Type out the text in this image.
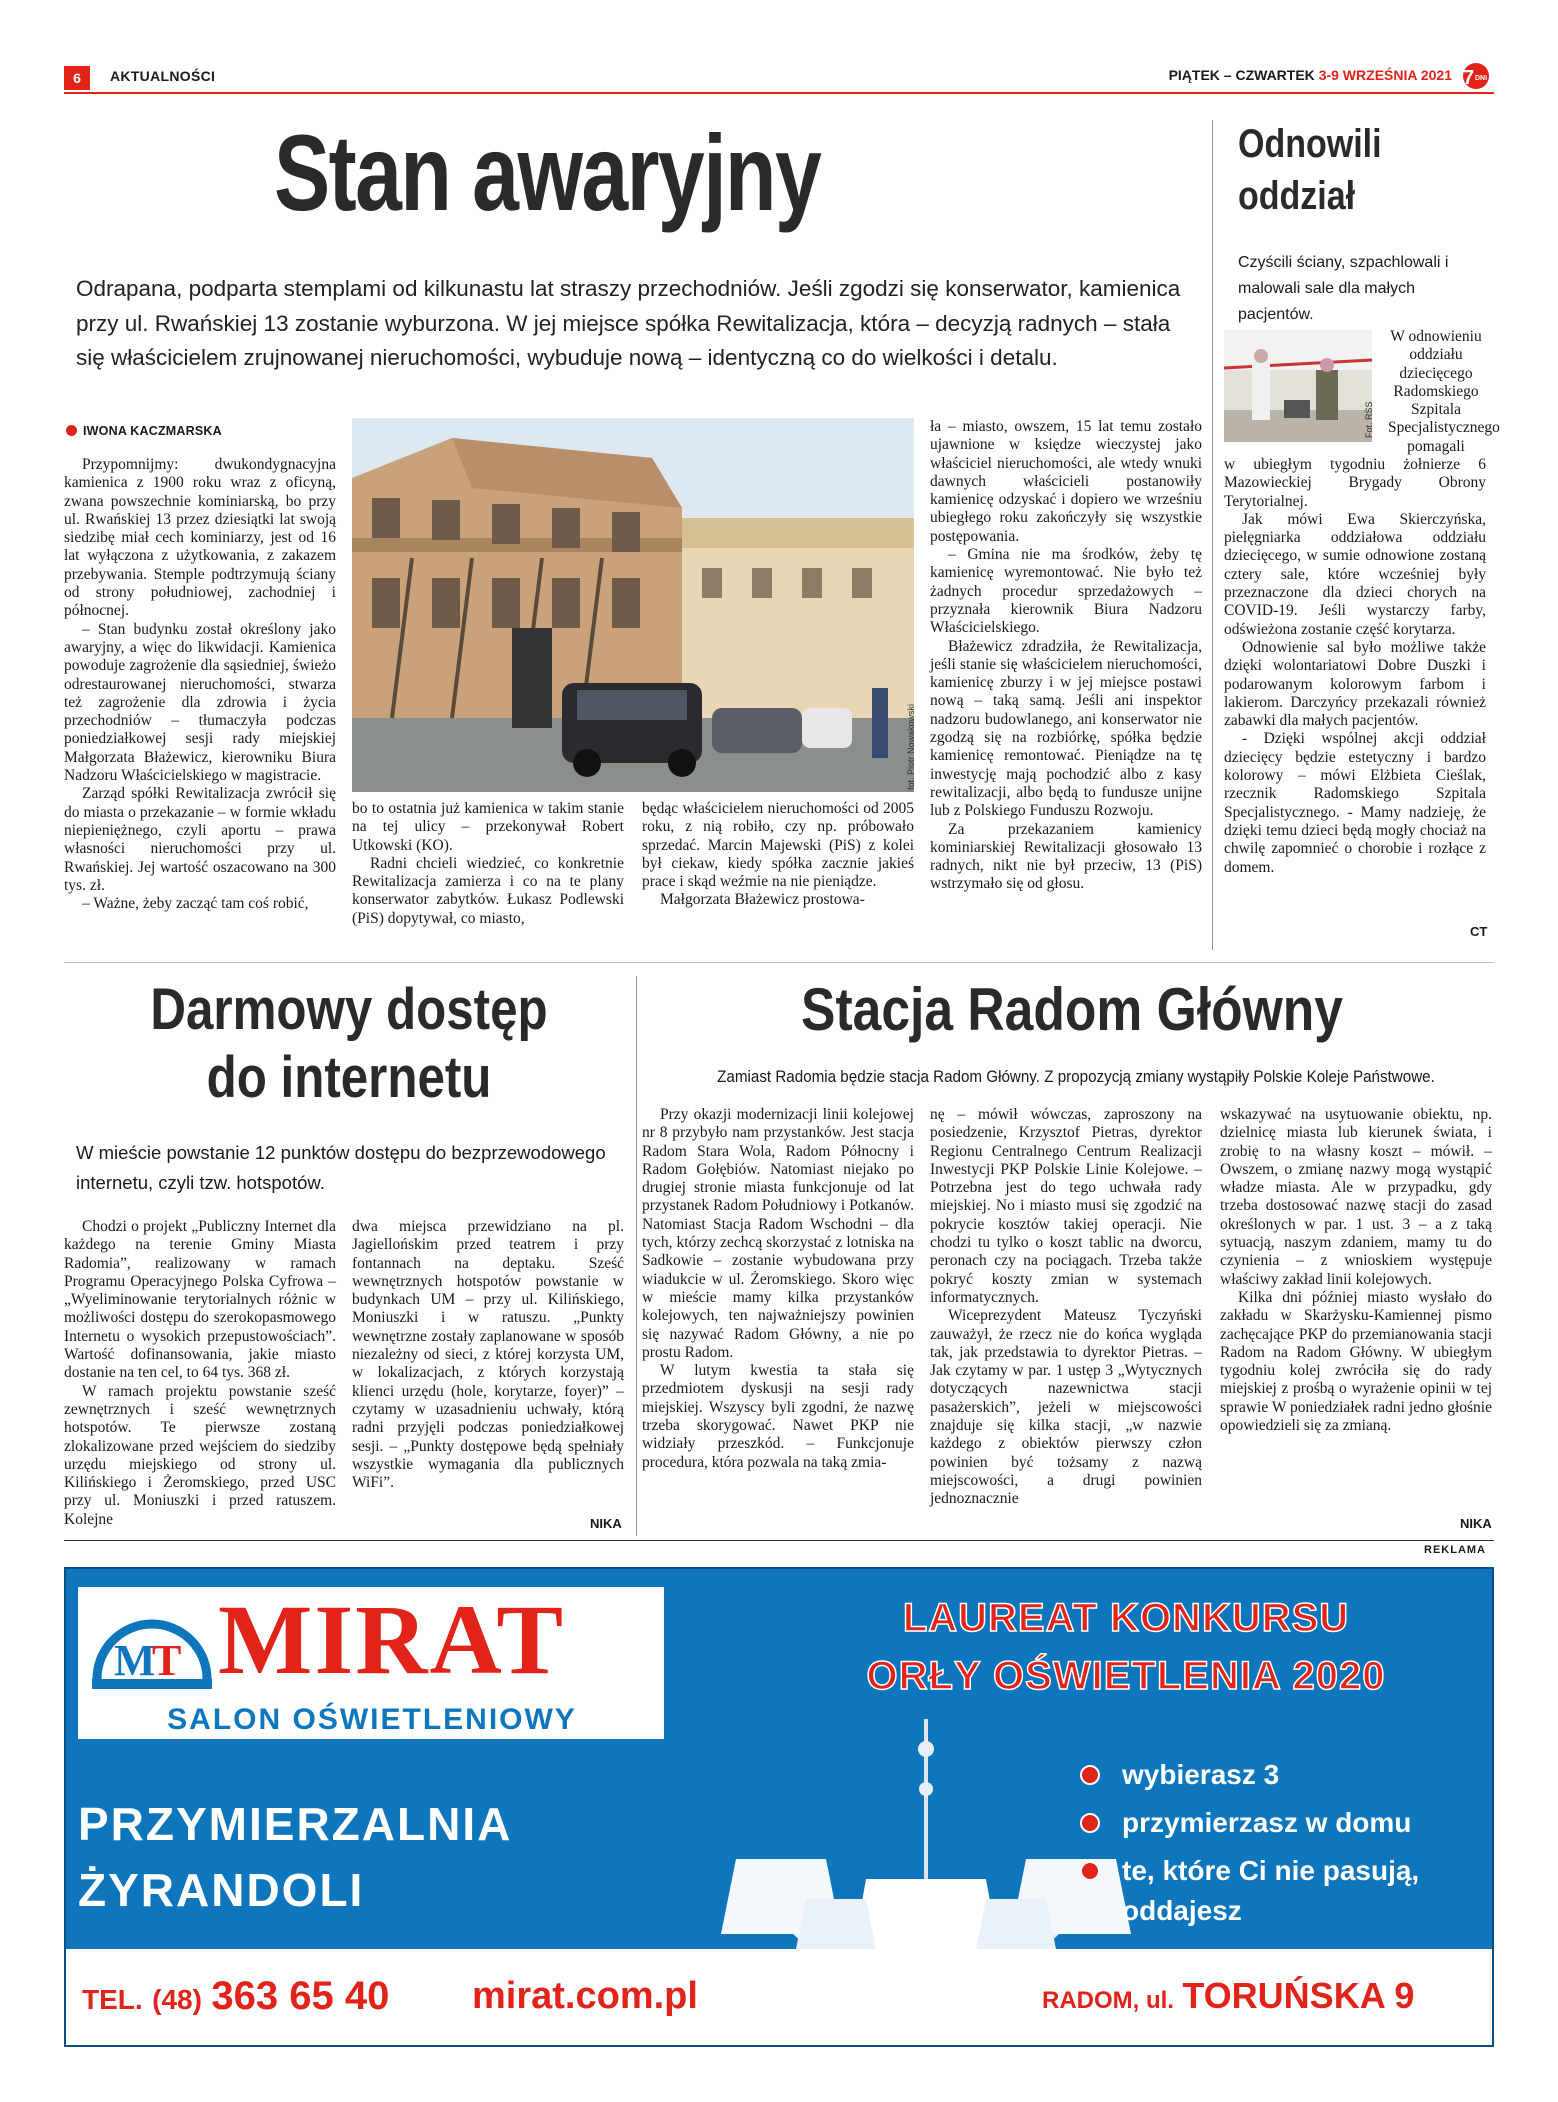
6	AKTUALNOŚCI	PIĄTEK – CZWARTEK 3-9 WRZEŚNIA 2021 7 DNI
Stan awaryjny
Odrapana, podparta stemplami od kilkunastu lat straszy przechodniów. Jeśli zgodzi się konserwator, kamienica przy ul. Rwańskiej 13 zostanie wyburzona. W jej miejsce spółka Rewitalizacja, która – decyzją radnych – stała się właścicielem zrujnowanej nieruchomości, wybuduje nową – identyczną co do wielkości i detalu.
IWONA KACZMARSKA

Przypomnijmy: dwukondygnacyjna kamienica z 1900 roku wraz z oficyną, zwana powszechnie kominiarską, bo przy ul. Rwańskiej 13 przez dziesiątki lat swoją siedzibę miał cech kominiarzy, jest od 16 lat wyłączona z użytkowania, z zakazem przebywania. Stemple podtrzymują ściany od strony południowej, zachodniej i północnej.

– Stan budynku został określony jako awaryjny, a więc do likwidacji. Kamienica powoduje zagrożenie dla sąsiedniej, świeżo odrestaurowanej nieruchomości, stwarza też zagrożenie dla zdrowia i życia przechodniów – tłumaczyła podczas poniedziałkowej sesji rady miejskiej Małgorzata Błażewicz, kierowniku Biura Nadzoru Właścicielskiego w magistracie.

Zarząd spółki Rewitalizacja zwrócił się do miasta o przekazanie – w formie wkładu niepieniężnego, czyli aportu – prawa własności nieruchomości przy ul. Rwańskiej. Jej wartość oszacowano na 300 tys. zł.

– Ważne, żeby zacząć tam coś robić,

fot. Piotr Nowakowski

bo to ostatnia już kamienica w takim stanie na tej ulicy – przekonywał Robert Utkowski (KO).

Radni chcieli wiedzieć, co konkretnie Rewitalizacja zamierza i co na te plany konserwator zabytków. Łukasz Podlewski (PiS) dopytywał, co miasto,

będąc właścicielem nieruchomości od 2005 roku, z nią robiło, czy np. próbowało sprzedać. Marcin Majewski (PiS) z kolei był ciekaw, kiedy spółka zacznie jakieś prace i skąd weźmie na nie pieniądze.

Małgorzata Błażewicz prostowa-

ła – miasto, owszem, 15 lat temu zostało ujawnione w księdze wieczystej jako właściciel nieruchomości, ale wtedy wnuki dawnych właścicieli postanowiły kamienicę odzyskać i dopiero we wrześniu ubiegłego roku zakończyły się wszystkie postępowania.

– Gmina nie ma środków, żeby tę kamienicę wyremontować. Nie było też żadnych procedur sprzedażowych – przyznała kierownik Biura Nadzoru Właścicielskiego.

Błażewicz zdradziła, że Rewitalizacja, jeśli stanie się właścicielem nieruchomości, kamienicę zburzy i w jej miejsce postawi nową – taką samą. Jeśli ani inspektor nadzoru budowlanego, ani konserwator nie zgodzą się na rozbiórkę, spółka będzie kamienicę remontować. Pieniądze na tę inwestycję mają pochodzić albo z kasy rewitalizacji, albo będą to fundusze unijne lub z Polskiego Funduszu Rozwoju.

Za przekazaniem kamienicy kominiarskiej Rewitalizacji głosowało 13 radnych, nikt nie był przeciw, 13 (PiS) wstrzymało się od głosu.

Odnowili
oddział
Czyścili ściany, szpachlowali i malowali sale dla małych pacjentów.
Fot. RSS
W odnowieniu oddziału dziecięcego Radomskiego Szpitala Specjalistycznego pomagali

w ubiegłym tygodniu żołnierze 6 Mazowieckiej Brygady Obrony Terytorialnej.

Jak mówi Ewa Skierczyńska, pielęgniarka oddziałowa oddziału dziecięcego, w sumie odnowione zostaną cztery sale, które wcześniej były przeznaczone dla dzieci chorych na COVID-19. Jeśli wystarczy farby, odświeżona zostanie część korytarza.

Odnowienie sal było możliwe także dzięki wolontariatowi Dobre Duszki i podarowanym kolorowym farbom i lakierom. Darczyńcy przekazali również zabawki dla małych pacjentów.

- Dzięki wspólnej akcji oddział dziecięcy będzie estetyczny i bardzo kolorowy – mówi Elżbieta Cieślak, rzecznik Radomskiego Szpitala Specjalistycznego. - Mamy nadzieję, że dzięki temu dzieci będą mogły chociaż na chwilę zapomnieć o chorobie i rozłące z domem.

CT
Darmowy dostęp
do internetu
W mieście powstanie 12 punktów dostępu do bezprzewodowego internetu, czyli tzw. hotspotów.

Chodzi o projekt „Publiczny Internet dla każdego na terenie Gminy Miasta Radomia”, realizowany w ramach Programu Operacyjnego Polska Cyfrowa – „Wyeliminowanie terytorialnych różnic w możliwości dostępu do szerokopasmowego Internetu o wysokich przepustowościach”. Wartość dofinansowania, jakie miasto dostanie na ten cel, to 64 tys. 368 zł.

W ramach projektu powstanie sześć zewnętrznych i sześć wewnętrznych hotspotów. Te pierwsze zostaną zlokalizowane przed wejściem do siedziby urzędu miejskiego od strony ul. Kilińskiego i Żeromskiego, przed USC przy ul. Moniuszki i przed ratuszem. Kolejne

dwa miejsca przewidziano na pl. Jagiellońskim przed teatrem i przy fontannach na deptaku. Sześć wewnętrznych hotspotów powstanie w budynkach UM – przy ul. Kilińskiego, Moniuszki i w ratuszu. „Punkty wewnętrzne zostały zaplanowane w sposób niezależny od sieci, z której korzysta UM, w lokalizacjach, z których korzystają klienci urzędu (hole, korytarze, foyer)” – czytamy w uzasadnieniu uchwały, którą radni przyjęli podczas poniedziałkowej sesji. – „Punkty dostępowe będą spełniały wszystkie wymagania dla publicznych WiFi”.

NIKA
Stacja Radom Główny
Zamiast Radomia będzie stacja Radom Główny. Z propozycją zmiany wystąpiły Polskie Koleje Państwowe.

Przy okazji modernizacji linii kolejowej nr 8 przybyło nam przystanków. Jest stacja Radom Stara Wola, Radom Północny i Radom Gołębiów. Natomiast niejako po drugiej stronie miasta funkcjonuje od lat przystanek Radom Południowy i Potkanów. Natomiast Stacja Radom Wschodni – dla tych, którzy zechcą skorzystać z lotniska na Sadkowie – zostanie wybudowana przy wiadukcie w ul. Żeromskiego. Skoro więc w mieście mamy kilka przystanków kolejowych, ten najważniejszy powinien się nazywać Radom Główny, a nie po prostu Radom.

W lutym kwestia ta stała się przedmiotem dyskusji na sesji rady miejskiej. Wszyscy byli zgodni, że nazwę trzeba skorygować. Nawet PKP nie widziały przeszkód. – Funkcjonuje procedura, która pozwala na taką zmia-

nę – mówił wówczas, zaproszony na posiedzenie, Krzysztof Pietras, dyrektor Regionu Centralnego Centrum Realizacji Inwestycji PKP Polskie Linie Kolejowe. – Potrzebna jest do tego uchwała rady miejskiej. No i miasto musi się zgodzić na pokrycie kosztów takiej operacji. Nie chodzi tu tylko o koszt tablic na dworcu, peronach czy na pociągach. Trzeba także pokryć koszty zmian w systemach informatycznych.

Wiceprezydent Mateusz Tyczyński zauważył, że rzecz nie do końca wygląda tak, jak przedstawia to dyrektor Pietras. – Jak czytamy w par. 1 ustęp 3 „Wytycznych dotyczących nazewnictwa stacji pasażerskich”, jeżeli w miejscowości znajduje się kilka stacji, „w nazwie każdego z obiektów pierwszy człon powinien być tożsamy z nazwą miejscowości, a drugi powinien jednoznacznie

wskazywać na usytuowanie obiektu, np. dzielnicę miasta lub kierunek świata, i zrobię to na własny koszt – mówił. – Owszem, o zmianę nazwy mogą wystąpić władze miasta. Ale w przypadku, gdy trzeba dostosować nazwę stacji do zasad określonych w par. 1 ust. 3 – a z taką sytuacją, naszym zdaniem, mamy tu do czynienia – z wnioskiem występuje właściwy zakład linii kolejowych.

Kilka dni później miasto wysłało do zakładu w Skarżysku-Kamiennej pismo zachęcające PKP do przemianowania stacji Radom na Radom Główny. W ubiegłym tygodniu kolej zwróciła się do rady miejskiej z prośbą o wyrażenie opinii w tej sprawie W poniedziałek radni jedno głośnie opowiedzieli się za zmianą.

NIKA
REKLAMA
M
T MIRAT
SALON OŚWIETLENIOWY
LAUREAT KONKURSU
ORŁY OŚWIETLENIA 2020
PRZYMIERZALNIA
ŻYRANDOLI
wybierasz 3
przymierzasz w domu
te, które Ci nie pasują, oddajesz
TEL. (48) 363 65 40 mirat.com.pl	RADOM, ul. TORUŃSKA 9
